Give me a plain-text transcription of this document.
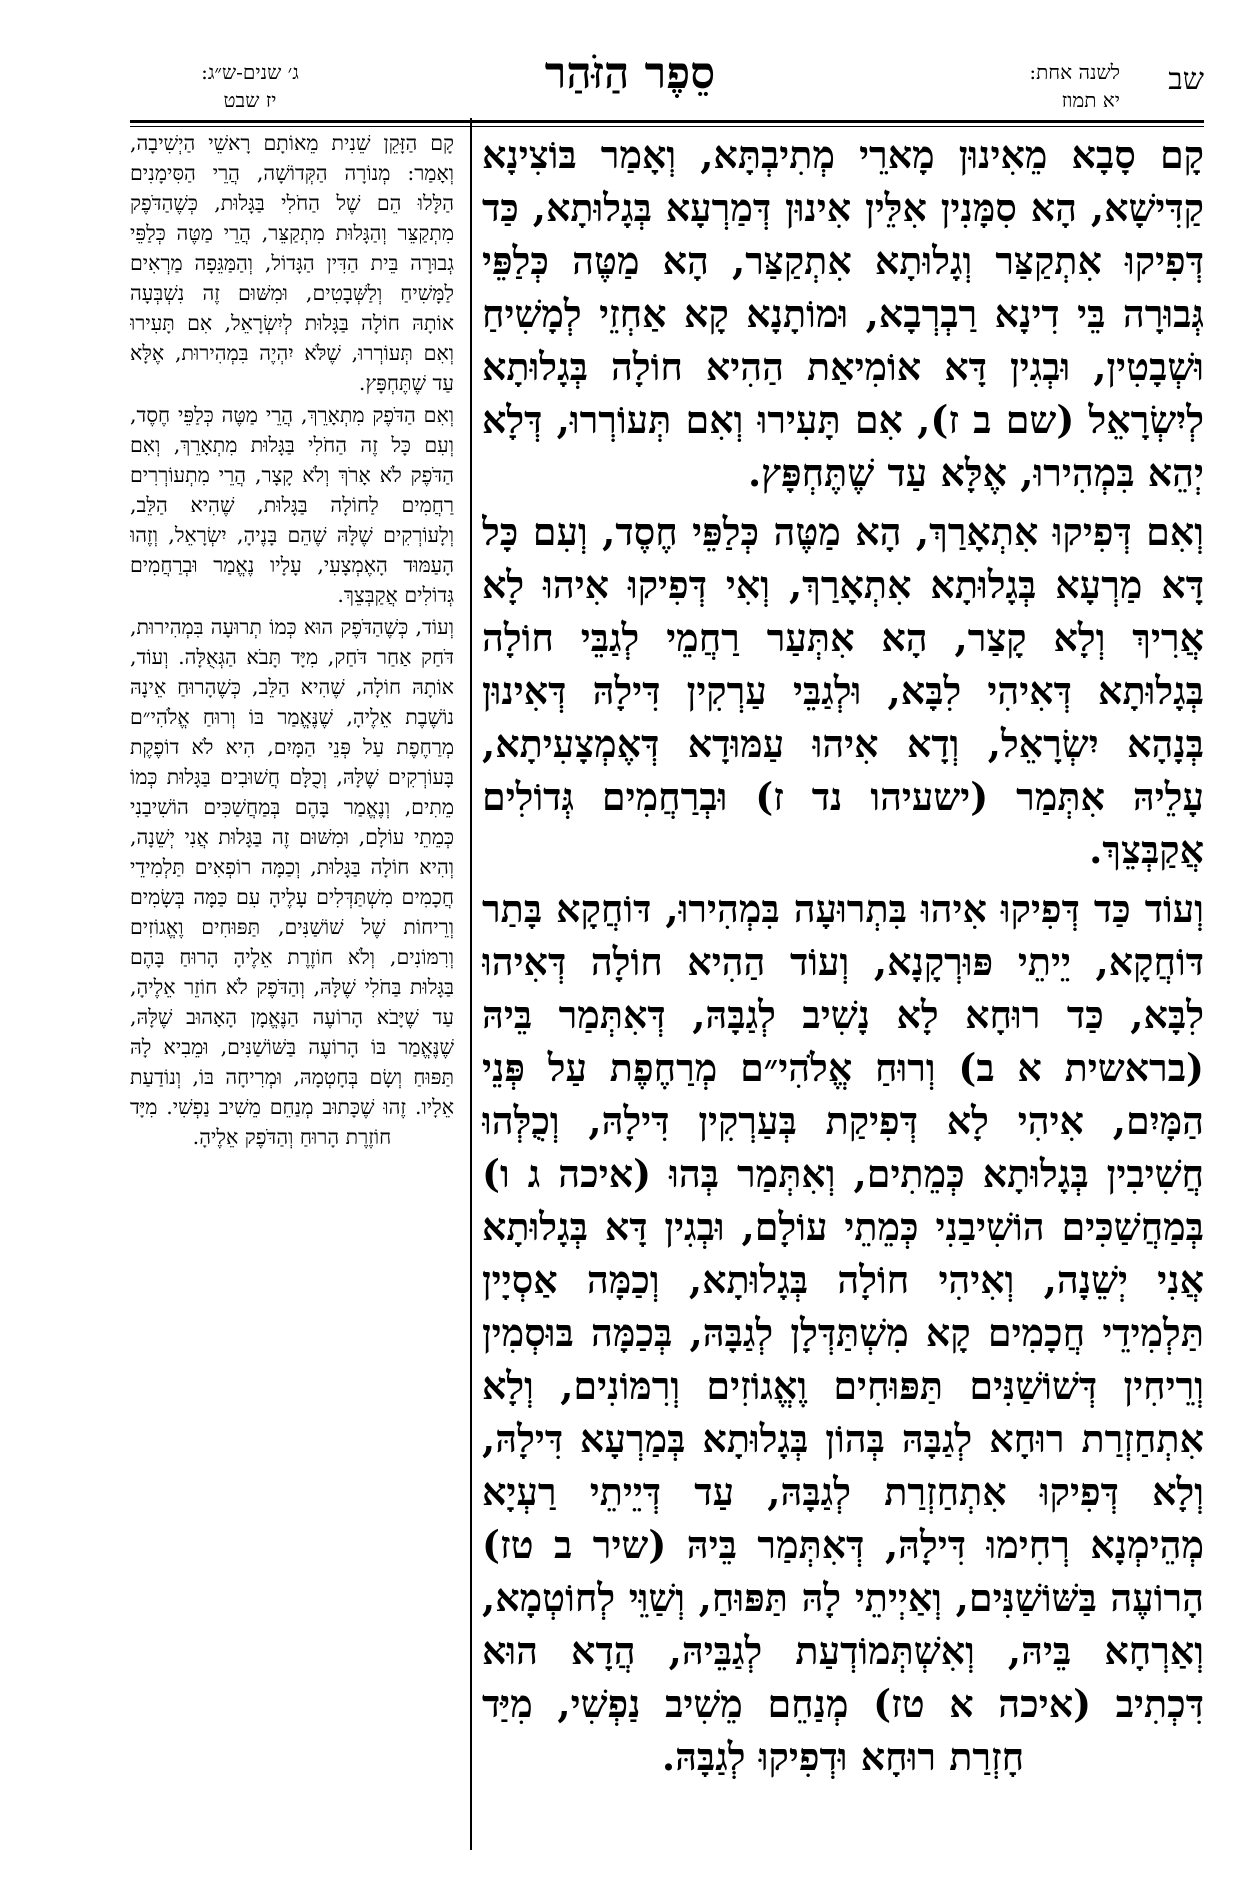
שב
לשנה אחת:
יא תמוז
סֵפֶר הַזֹּהַר
ג׳ שנים-ש״ג:
יז שבט

קָם סָבָא מֵאִינוּן מָארֵי מְתִיבְתָּא, וְאָמַר בּוֹצִינָא קַדִּישָׁא, הָא סִמָּנִין אִלֵּין אִינוּן דְּמַרְעָא בְּגָלוּתָא, כַּד דְּפִיקוּ אִתְקַצַּר וְגָלוּתָא אִתְקַצַּר, הָא מַטֶּה כְּלַפֵּי גְּבוּרָה בֵּי דִינָא רַבְרְבָא, וּמוֹתָנָא קָא אַחְזֵי לְמָשִׁיחַ וּשְׁבָטִין, וּבְגִין דָּא אוֹמִיאַת הַהִיא חוֹלָה בְּגָלוּתָא לְיִשְׂרָאֵל (שם ב ז), אִם תָּעִירוּ וְאִם תְּעוֹרְרוּ, דְּלָא יְהֵא בִּמְהִירוּ, אֶלָּא עַד שֶׁתֶּחְפָּץ.

וְאִם דְּפִיקוּ אִתְאָרַךְ, הָא מַטֶּה כְּלַפֵּי חֶסֶד, וְעִם כָּל דָּא מַרְעָא בְּגָלוּתָא אִתְאָרַךְ, וְאִי דְּפִיקוּ אִיהוּ לָא אֲרִיךְ וְלָא קָצַר, הָא אִתְּעַר רַחֲמֵי לְגַבֵּי חוֹלָה בְּגָלוּתָא דְּאִיהִי לִבָּא, וּלְגַבֵּי עַרְקִין דִּילָהּ דְּאִינוּן בְּנָהָא יִשְׂרָאֵל, וְדָא אִיהוּ עַמּוּדָא דְּאֶמְצָעִיתָא, עָלֵיהּ אִתְּמַר (ישעיהו נד ז) וּבְרַחֲמִים גְּדוֹלִים אֲקַבְּצֵךְ.

וְעוֹד כַּד דְּפִיקוּ אִיהוּ בִּתְרוּעָה בִּמְהִירוּ, דּוֹחֲקָא בָּתַר דּוֹחֲקָא, יֵיתֵי פּוּרְקָנָא, וְעוֹד הַהִיא חוֹלָה דְּאִיהוּ לִבָּא, כַּד רוּחָא לָא נָשִׁיב לְגַבָּהּ, דְּאִתְּמַר בֵּיהּ (בראשית א ב) וְרוּחַ אֱלֹהִי״ם מְרַחֶפֶת עַל פְּנֵי הַמָּיִם, אִיהִי לָא דְּפִיקַת בְּעַרְקִין דִּילָהּ, וְכֻלְּהוּ חֲשִׁיבִין בְּגָלוּתָא כְּמֵתִים, וְאִתְּמַר בְּהוּ (איכה ג ו) בְּמַחֲשַׁכִּים הוֹשִׁיבַנִי כְּמֵתֵי עוֹלָם, וּבְגִין דָּא בְּגָלוּתָא אֲנִי יְשֵׁנָה, וְאִיהִי חוֹלָה בְּגָלוּתָא, וְכַמָּה אַסְיָין תַּלְמִידֵי חֲכָמִים קָא מִשְׁתַּדְּלָן לְגַבָּהּ, בְּכַמָּה בּוּסְמִין וְרֵיחִין דְּשׁוֹשַׁנִּים תַּפּוּחִים וֶאֱגוֹזִים וְרִמּוֹנִים, וְלָא אִתְחַזְרַת רוּחָא לְגַבָּהּ בְּהוֹן בְּגָלוּתָא בְּמַרְעָא דִּילָהּ, וְלָא דְּפִיקוּ אִתְחַזְרַת לְגַבָּהּ, עַד דְּיֵיתֵי רַעְיָא מְהֵימְנָא רְחִימוּ דִּילָהּ, דְּאִתְּמַר בֵּיהּ (שיר ב טז) הָרוֹעֶה בַּשּׁוֹשַׁנִּים, וְאַיְיתֵי לָהּ תַּפּוּחַ, וְשַׁוֵּי לְחוֹטְמָא, וְאַרְחָא בֵּיהּ, וְאִשְׁתְּמוֹדְעַת לְגַבֵּיהּ, הֲדָא הוּא דִּכְתִיב (איכה א טז) מְנַחֵם מֵשִׁיב נַפְשִׁי, מִיַּד חָזְרַת רוּחָא וּדְפִיקוּ לְגַבָּהּ.

קָם הַזָּקֵן שֵׁנִית מֵאוֹתָם רָאשֵׁי הַיְשִׁיבָה, וְאָמַר: מְנוֹרָה הַקְּדוֹשָׁה, הֲרֵי הַסִּימָנִים הַלָּלוּ הֵם שֶׁל הַחֹלִי בַּגָּלוּת, כְּשֶׁהַדֹּפֶק מִתְקַצֵּר וְהַגָּלוּת מִתְקַצֵּר, הֲרֵי מַטֶּה כְּלַפֵּי גְבוּרָה בֵּית הַדִּין הַגָּדוֹל, וְהַמַּגֵּפָה מַרְאִים לַמָּשִׁיחַ וְלַשְּׁבָטִים, וּמִשּׁוּם זֶה נִשְׁבְּעָה אוֹתָהּ חוֹלָה בַּגָּלוּת לְיִשְׂרָאֵל, אִם תָּעִירוּ וְאִם תְּעוֹרְרוּ, שֶׁלֹּא יִהְיֶה בִּמְהִירוּת, אֶלָּא עַד שֶׁתֶּחְפָּץ.

וְאִם הַדֹּפֶק מִתְאָרֵךְ, הֲרֵי מַטֶּה כְּלַפֵּי חֶסֶד, וְעִם כָּל זֶה הַחֹלִי בַּגָּלוּת מִתְאָרֵךְ, וְאִם הַדֹּפֶק לֹא אָרֹךְ וְלֹא קָצָר, הֲרֵי מִתְעוֹרְרִים רַחֲמִים לַחוֹלָה בַּגָּלוּת, שֶׁהִיא הַלֵּב, וְלָעוֹרְקִים שֶׁלָּהּ שֶׁהֵם בָּנֶיהָ, יִשְׂרָאֵל, וְזֶהוּ הָעַמּוּד הָאֶמְצָעִי, עָלָיו נֶאֱמַר וּבְרַחֲמִים גְּדוֹלִים אֲקַבְּצֵךְ.

וְעוֹד, כְּשֶׁהַדֹּפֶק הוּא כְּמוֹ תְרוּעָה בִּמְהִירוּת, דֹּחַק אַחַר דֹּחַק, מִיָּד תָּבֹא הַגְּאֻלָּה. וְעוֹד, אוֹתָהּ חוֹלָה, שֶׁהִיא הַלֵּב, כְּשֶׁהָרוּחַ אֵינָהּ נוֹשֶׁבֶת אֵלֶיהָ, שֶׁנֶּאֱמַר בּוֹ וְרוּחַ אֱלֹהִי״ם מְרַחֶפֶת עַל פְּנֵי הַמָּיִם, הִיא לֹא דוֹפֶקֶת בָּעוֹרְקִים שֶׁלָּהּ, וְכֻלָּם חֲשׁוּבִים בַּגָּלוּת כְּמוֹ מֵתִים, וְנֶאֱמַר בָּהֶם בְּמַחֲשַׁכִּים הוֹשִׁיבַנִי כְּמֵתֵי עוֹלָם, וּמִשּׁוּם זֶה בַּגָּלוּת אֲנִי יְשֵׁנָה, וְהִיא חוֹלָה בַּגָּלוּת, וְכַמָּה רוֹפְאִים תַּלְמִידֵי חֲכָמִים מִשְׁתַּדְּלִים עָלֶיהָ עִם כַּמָּה בְּשָׂמִים וְרֵיחוֹת שֶׁל שׁוֹשַׁנִּים, תַּפּוּחִים וֶאֱגוֹזִים וְרִמּוֹנִים, וְלֹא חוֹזֶרֶת אֵלֶיהָ הָרוּחַ בָּהֶם בַּגָּלוּת בַּחֹלִי שֶׁלָּהּ, וְהַדֹּפֶק לֹא חוֹזֵר אֵלֶיהָ, עַד שֶׁיָּבֹא הָרוֹעֶה הַנֶּאֱמָן הָאָהוּב שֶׁלָּהּ, שֶׁנֶּאֱמַר בּוֹ הָרוֹעֶה בַּשּׁוֹשַׁנִּים, וּמֵבִיא לָהּ תַּפּוּחַ וְשָׂם בְּחָטְמָהּ, וּמְרִיחָה בּוֹ, וְנוֹדַעַת אֵלָיו. זֶהוּ שֶׁכָּתוּב מְנַחֵם מֵשִׁיב נַפְשִׁי. מִיָּד חוֹזֶרֶת הָרוּחַ וְהַדֹּפֶק אֵלֶיהָ.
